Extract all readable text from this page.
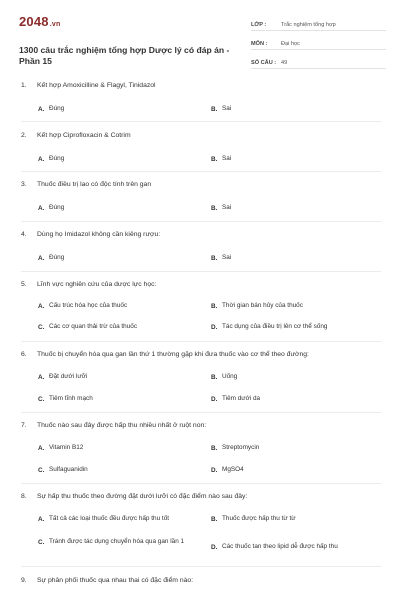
2048.vn
1300 câu trắc nghiệm tổng hợp Dược lý có đáp án - Phần 15
LỚP :	Trắc nghiệm tổng hợp
MÔN :	Đại học
SỐ CÂU : 49
1.	Kết hợp Amoxicilline & Flagyl, Tinidazol
A. Đúng	B. Sai
2.	Kết hợp Ciprofloxacin & Cotrim
A. Đúng	B. Sai
3.	Thuốc điều trị lao có độc tính trên gan
A. Đúng	B. Sai
4.	Dùng họ Imidazol không cần kiêng rượu:
A. Đúng	B. Sai
5.	Lĩnh vực nghiên cứu của dược lực học:
A. Cấu trúc hóa học của thuốc	B. Thời gian bán hủy của thuốc
C. Các cơ quan thải trừ của thuốc	D. Tác dụng của điều trị lên cơ thể sống
6.	Thuốc bị chuyển hóa qua gan lần thứ 1 thường gặp khi đưa thuốc vào cơ thể theo đường:
A. Đặt dưới lưỡi	B. Uống
C. Tiêm tĩnh mạch	D. Tiêm dưới da
7.	Thuốc nào sau đây được hấp thu nhiều nhất ở ruột non:
A. Vitamin B12	B. Streptomycin
C. Sulfaguanidin	D. MgSO4
8.	Sự hấp thu thuốc theo đường đặt dưới lưỡi có đặc điểm nào sau đây:
A. Tất cả các loại thuốc đều được hấp thu tốt	B. Thuốc được hấp thu từ từ
C. Tránh được tác dụng chuyển hóa qua gan lần 1
D. Các thuốc tan theo lipid dễ được hấp thu
9.	Sự phân phối thuốc qua nhau thai có đặc điểm nào:
